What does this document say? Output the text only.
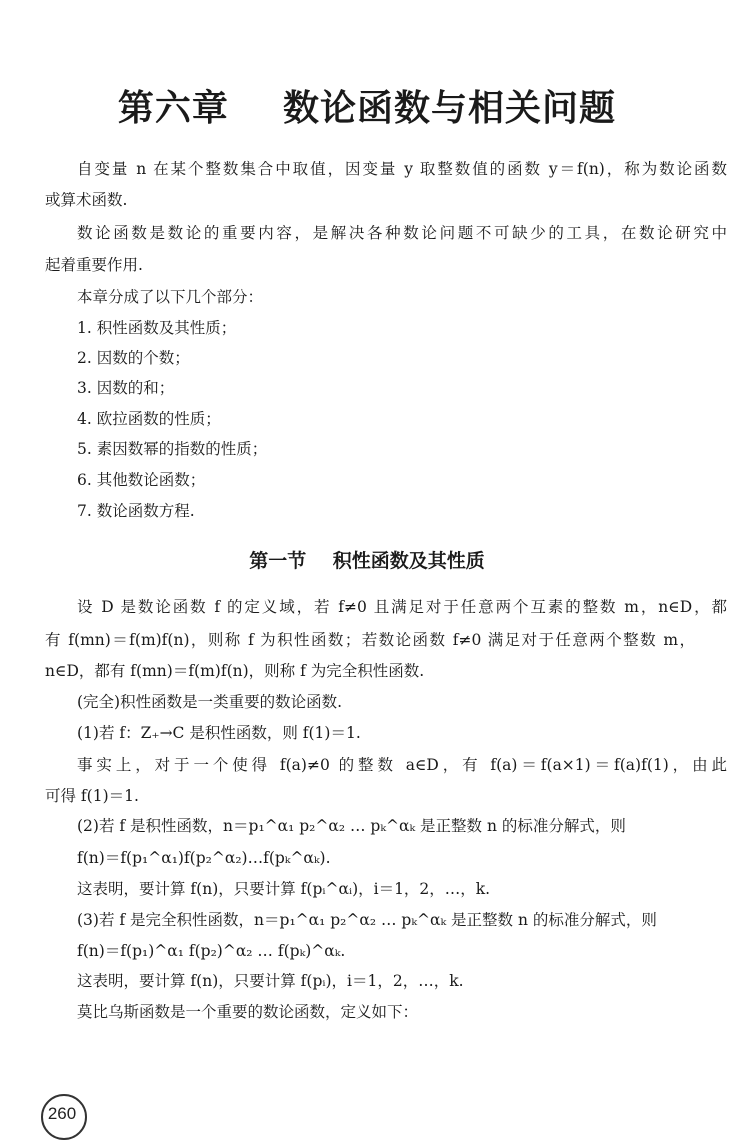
第六章    数论函数与相关问题
自变量 n 在某个整数集合中取值，因变量 y 取整数值的函数 y＝f(n)，称为数论函数
或算术函数.
数论函数是数论的重要内容，是解决各种数论问题不可缺少的工具，在数论研究中
起着重要作用.
本章分成了以下几个部分：
1. 积性函数及其性质；
2. 因数的个数；
3. 因数的和；
4. 欧拉函数的性质；
5. 素因数幂的指数的性质；
6. 其他数论函数；
7. 数论函数方程.
第一节    积性函数及其性质
设 D 是数论函数 f 的定义域，若 f≠0 且满足对于任意两个互素的整数 m，n∈D，都
有 f(mn)＝f(m)f(n)，则称 f 为积性函数；若数论函数 f≠0 满足对于任意两个整数 m，
n∈D，都有 f(mn)＝f(m)f(n)，则称 f 为完全积性函数.
(完全)积性函数是一类重要的数论函数.
(1)若 f：Z₊→C 是积性函数，则 f(1)＝1.
事实上，对于一个使得 f(a)≠0 的整数 a∈D，有 f(a)＝f(a×1)＝f(a)f(1)，由此
可得 f(1)＝1.
(2)若 f 是积性函数，n＝p₁^α₁ p₂^α₂ … pₖ^αₖ 是正整数 n 的标准分解式，则
f(n)＝f(p₁^α₁)f(p₂^α₂)…f(pₖ^αₖ).
这表明，要计算 f(n)，只要计算 f(pᵢ^αᵢ)，i＝1，2，…，k.
(3)若 f 是完全积性函数，n＝p₁^α₁ p₂^α₂ … pₖ^αₖ 是正整数 n 的标准分解式，则
f(n)＝f(p₁)^α₁ f(p₂)^α₂ … f(pₖ)^αₖ.
这表明，要计算 f(n)，只要计算 f(pᵢ)，i＝1，2，…，k.
莫比乌斯函数是一个重要的数论函数，定义如下：
260
